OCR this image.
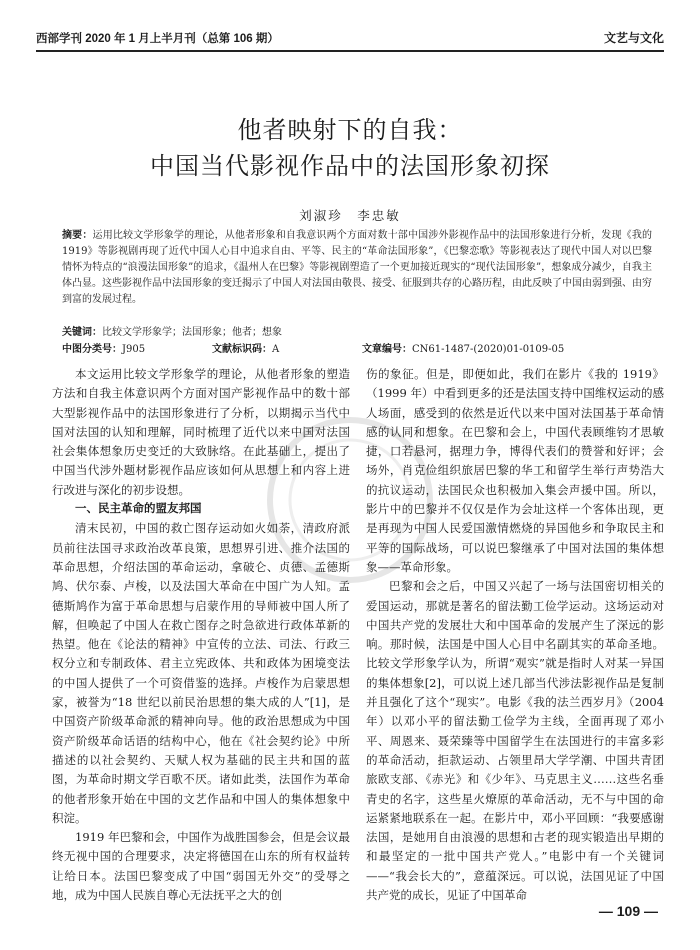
西部学刊 2020 年 1 月上半月刊（总第 106 期）	文艺与文化
他者映射下的自我：
中国当代影视作品中的法国形象初探
刘淑珍　李忠敏
摘要：运用比较文学形象学的理论，从他者形象和自我意识两个方面对数十部中国涉外影视作品中的法国形象进行分析，发现《我的 1919》等影视剧再现了近代中国人心目中追求自由、平等、民主的“革命法国形象”，《巴黎恋歌》等影视表达了现代中国人对以巴黎情怀为特点的“浪漫法国形象”的追求，《温州人在巴黎》等影视剧塑造了一个更加接近现实的“现代法国形象”，想象成分减少，自我主体凸显。这些影视作品中法国形象的变迁揭示了中国人对法国由敬畏、接受、征服到共存的心路历程，由此反映了中国由弱到强、由穷到富的发展过程。
关键词：比较文学形象学；法国形象；他者；想象
中图分类号：J905	文献标识码：A	文章编号：CN61-1487-(2020)01-0109-05

本文运用比较文学形象学的理论，从他者形象的塑造方法和自我主体意识两个方面对国产影视作品中的数十部大型影视作品中的法国形象进行了分析，以期揭示当代中国对法国的认知和理解，同时梳理了近代以来中国对法国社会集体想象历史变迁的大致脉络。在此基础上，提出了中国当代涉外题材影视作品应该如何从思想上和内容上进行改进与深化的初步设想。

一、民主革命的盟友邦国

清末民初，中国的救亡图存运动如火如荼，清政府派员前往法国寻求政治改革良策，思想界引进、推介法国的革命思想，介绍法国的革命运动，拿破仑、贞德、孟德斯鸠、伏尔泰、卢梭，以及法国大革命在中国广为人知。孟德斯鸠作为富于革命思想与启蒙作用的导师被中国人所了解，但唤起了中国人在救亡图存之时急欲进行政体革新的热望。他在《论法的精神》中宣传的立法、司法、行政三权分立和专制政体、君主立宪政体、共和政体为困境变法的中国人提供了一个可资借鉴的选择。卢梭作为启蒙思想家，被誉为“18 世纪以前民治思想的集大成的人”[1]，是中国资产阶级革命派的精神向导。他的政治思想成为中国资产阶级革命话语的结构中心，他在《社会契约论》中所描述的以社会契约、天赋人权为基础的民主共和国的蓝图，为革命时期文学百歌不厌。诸如此类，法国作为革命的他者形象开始在中国的文艺作品和中国人的集体想象中积淀。

1919 年巴黎和会，中国作为战胜国参会，但是会议最终无视中国的合理要求，决定将德国在山东的所有权益转让给日本。法国巴黎变成了中国“弱国无外交”的受辱之地，成为中国人民族自尊心无法抚平之大的创

伤的象征。但是，即便如此，我们在影片《我的 1919》（1999 年）中看到更多的还是法国支持中国维权运动的感人场面，感受到的依然是近代以来中国对法国基于革命情感的认同和想象。在巴黎和会上，中国代表顾维钧才思敏捷，口若悬河，据理力争，博得代表们的赞誉和好评；会场外，肖克俭组织旅居巴黎的华工和留学生举行声势浩大的抗议运动，法国民众也积极加入集会声援中国。所以，影片中的巴黎并不仅仅是作为会址这样一个客体出现，更是再现为中国人民爱国激情燃烧的异国他乡和争取民主和平等的国际战场，可以说巴黎继承了中国对法国的集体想象——革命形象。

巴黎和会之后，中国又兴起了一场与法国密切相关的爱国运动，那就是著名的留法勤工俭学运动。这场运动对中国共产党的发展壮大和中国革命的发展产生了深远的影响。那时候，法国是中国人心目中名副其实的革命圣地。比较文学形象学认为，所谓“观实”就是指时人对某一异国的集体想象[2]，可以说上述几部当代涉法影视作品是复制并且强化了这个“现实”。电影《我的法兰西岁月》（2004 年）以邓小平的留法勤工俭学为主线，全面再现了邓小平、周恩来、聂荣臻等中国留学生在法国进行的丰富多彩的革命活动，拒款运动、占领里昂大学学潮、中国共青团旅欧支部、《赤光》和《少年》、马克思主义……这些名垂青史的名字，这些星火燎原的革命活动，无不与中国的命运紧紧地联系在一起。在影片中，邓小平回顾：“我要感谢法国，是她用自由浪漫的思想和古老的现实锻造出早期的和最坚定的一批中国共产党人。”电影中有一个关键词——“我会长大的”，意蕴深远。可以说，法国见证了中国共产党的成长，见证了中国革命

— 109 —
